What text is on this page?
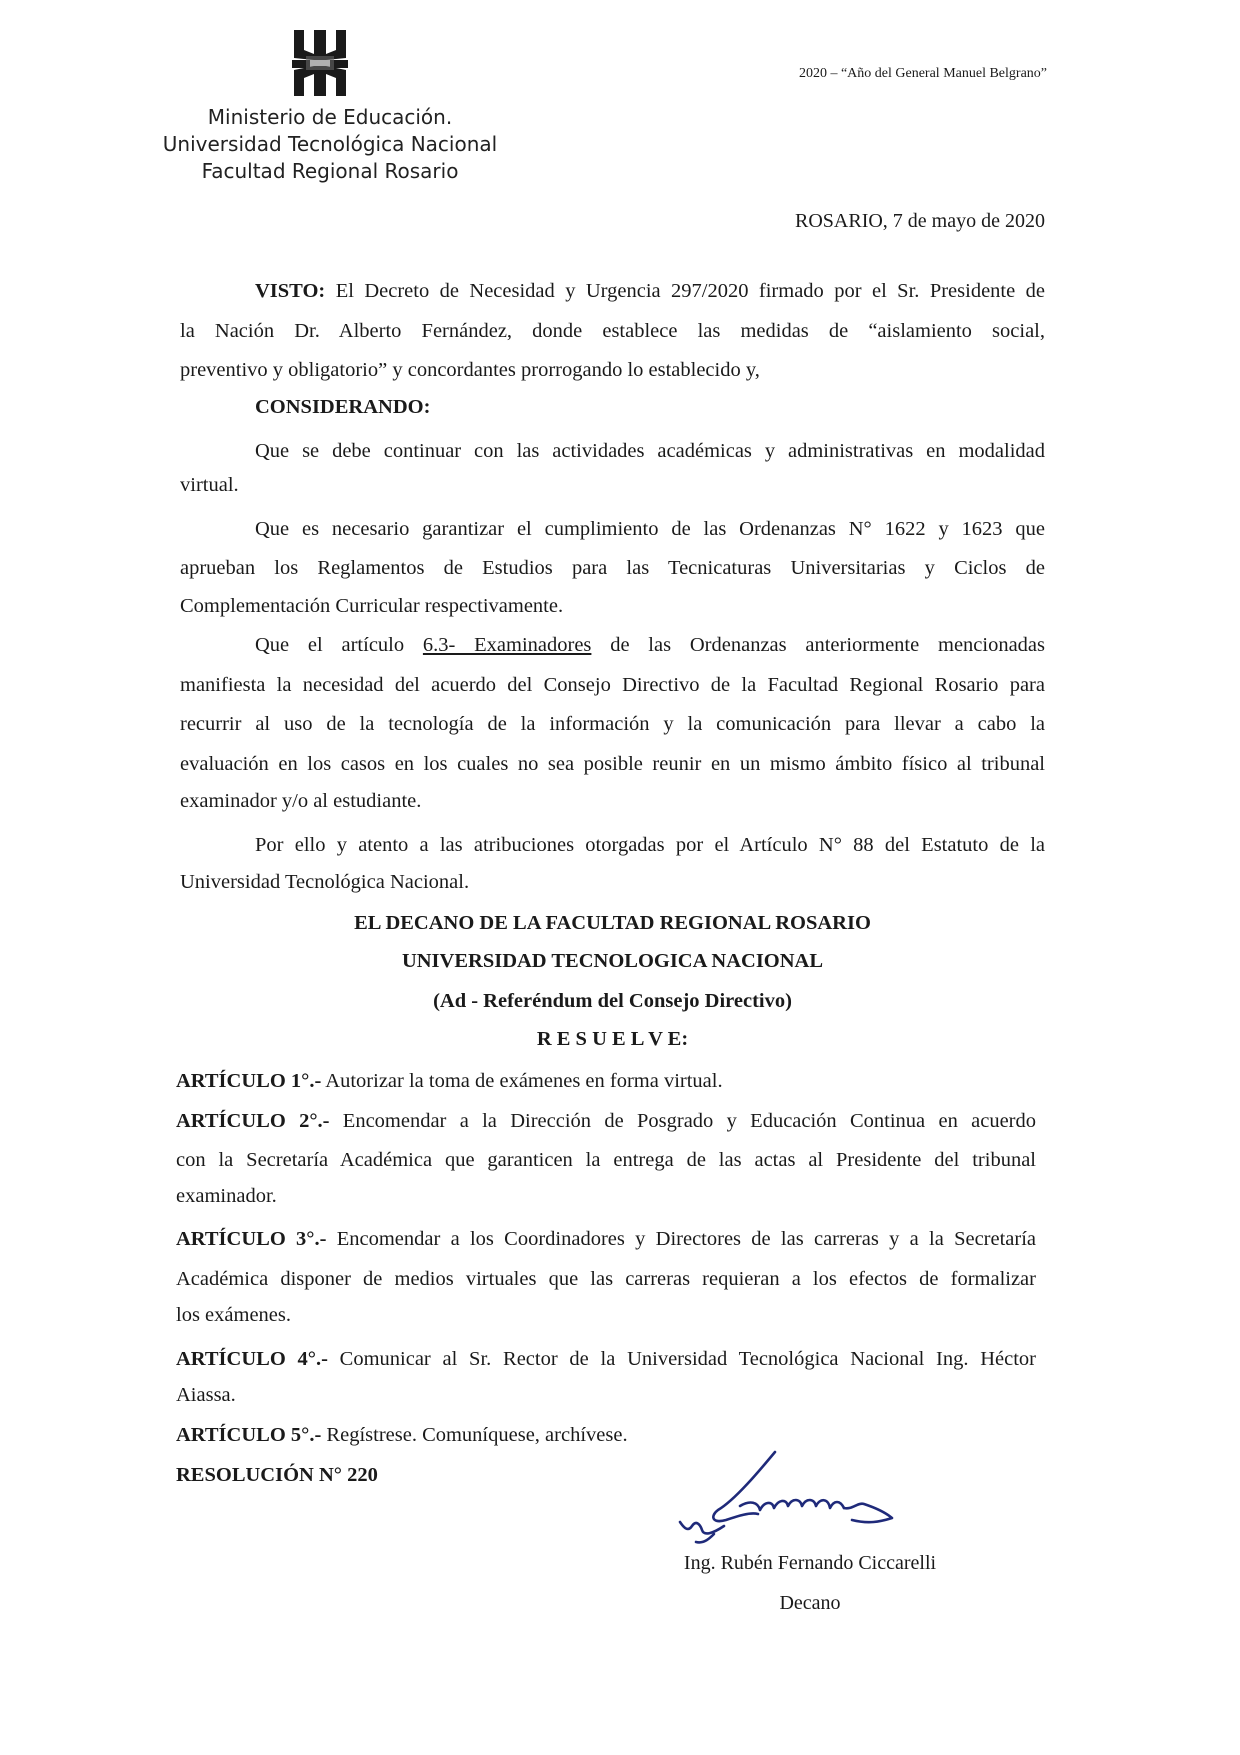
Ministerio de Educación.
Universidad Tecnológica Nacional
Facultad Regional Rosario
2020 – “Año del General Manuel Belgrano”
ROSARIO, 7 de mayo de 2020
VISTO: El Decreto de Necesidad y Urgencia 297/2020 firmado por el Sr. Presidente de
la Nación Dr. Alberto Fernández, donde establece las medidas de “aislamiento social,
preventivo y obligatorio” y concordantes prorrogando lo establecido y,
CONSIDERANDO:
Que se debe continuar con las actividades académicas y administrativas en modalidad
virtual.
Que es necesario garantizar el cumplimiento de las Ordenanzas N° 1622 y 1623 que
aprueban los Reglamentos de Estudios para las Tecnicaturas Universitarias y Ciclos de
Complementación Curricular respectivamente.
Que el artículo 6.3- Examinadores de las Ordenanzas anteriormente mencionadas
manifiesta la necesidad del acuerdo del Consejo Directivo de la Facultad Regional Rosario para
recurrir al uso de la tecnología de la información y la comunicación para llevar a cabo la
evaluación en los casos en los cuales no sea posible reunir en un mismo ámbito físico al tribunal
examinador y/o al estudiante.
Por ello y atento a las atribuciones otorgadas por el Artículo N° 88 del Estatuto de la
Universidad Tecnológica Nacional.
EL DECANO DE LA FACULTAD REGIONAL ROSARIO
UNIVERSIDAD TECNOLOGICA NACIONAL
(Ad - Referéndum del Consejo Directivo)
R E S U E L V E:
ARTÍCULO 1°.- Autorizar la toma de exámenes en forma virtual.
ARTÍCULO 2°.- Encomendar a la Dirección de Posgrado y Educación Continua en acuerdo
con la Secretaría Académica que garanticen la entrega de las actas al Presidente del tribunal
examinador.
ARTÍCULO 3°.- Encomendar a los Coordinadores y Directores de las carreras y a la Secretaría
Académica disponer de medios virtuales que las carreras requieran a los efectos de formalizar
los exámenes.
ARTÍCULO 4°.- Comunicar al Sr. Rector de la Universidad Tecnológica Nacional Ing. Héctor
Aiassa.
ARTÍCULO 5°.- Regístrese. Comuníquese, archívese.
RESOLUCIÓN N° 220
Ing. Rubén Fernando Ciccarelli
Decano
